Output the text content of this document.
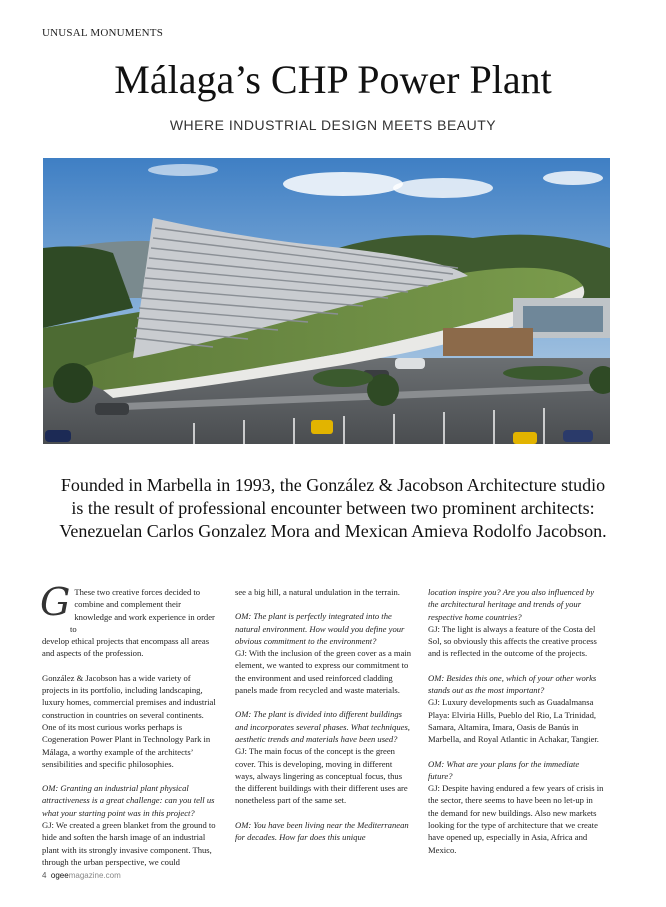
UNUSAL MONUMENTS
Málaga’s CHP Power Plant
WHERE INDUSTRIAL DESIGN MEETS BEAUTY
Founded in Marbella in 1993, the González & Jacobson Architecture studio is the result of professional encounter between two prominent architects: Venezuelan Carlos Gonzalez Mora and Mexican Amieva Rodolfo Jacobson.

G These two creative forces decided to combine and complement their knowledge and work experience in order to
develop ethical projects that encompass all areas and aspects of the profession.

González & Jacobson has a wide variety of projects in its portfolio, including landscaping, luxury homes, commercial premises and industrial construction in countries on several continents. One of its most curious works perhaps is Cogeneration Power Plant in Technology Park in Málaga, a worthy example of the architects’ sensibilities and specific philosophies.

OM: Granting an industrial plant physical attractiveness is a great challenge: can you tell us what your starting point was in this project?
GJ: We created a green blanket from the ground to hide and soften the harsh image of an industrial plant with its strongly invasive component. Thus, through the urban perspective, we could

see a big hill, a natural undulation in the terrain.

OM: The plant is perfectly integrated into the natural environment. How would you define your obvious commitment to the environment?
GJ: With the inclusion of the green cover as a main element, we wanted to express our commitment to the environment and used reinforced cladding panels made from recycled and waste materials.

OM: The plant is divided into different buildings and incorporates several phases. What techniques, aesthetic trends and materials have been used?
GJ: The main focus of the concept is the green cover. This is developing, moving in different ways, always lingering as conceptual focus, thus the different buildings with their different uses are nonetheless part of the same set.

OM: You have been living near the Mediterranean for decades. How far does this unique

location inspire you? Are you also influenced by the architectural heritage and trends of your respective home countries?
GJ: The light is always a feature of the Costa del Sol, so obviously this affects the creative process and is reflected in the outcome of the projects.

OM: Besides this one, which of your other works stands out as the most important?
GJ: Luxury developments such as Guadalmansa Playa: Elviria Hills, Pueblo del Rio, La Trinidad, Samara, Altamira, Imara, Oasis de Banús in Marbella, and Royal Atlantic in Achakar, Tangier.

OM: What are your plans for the immediate future?
GJ: Despite having endured a few years of crisis in the sector, there seems to have been no let-up in the demand for new buildings. Also new markets looking for the type of architecture that we create have opened up, especially in Asia, Africa and Mexico.

4 ogeemagazine.com
